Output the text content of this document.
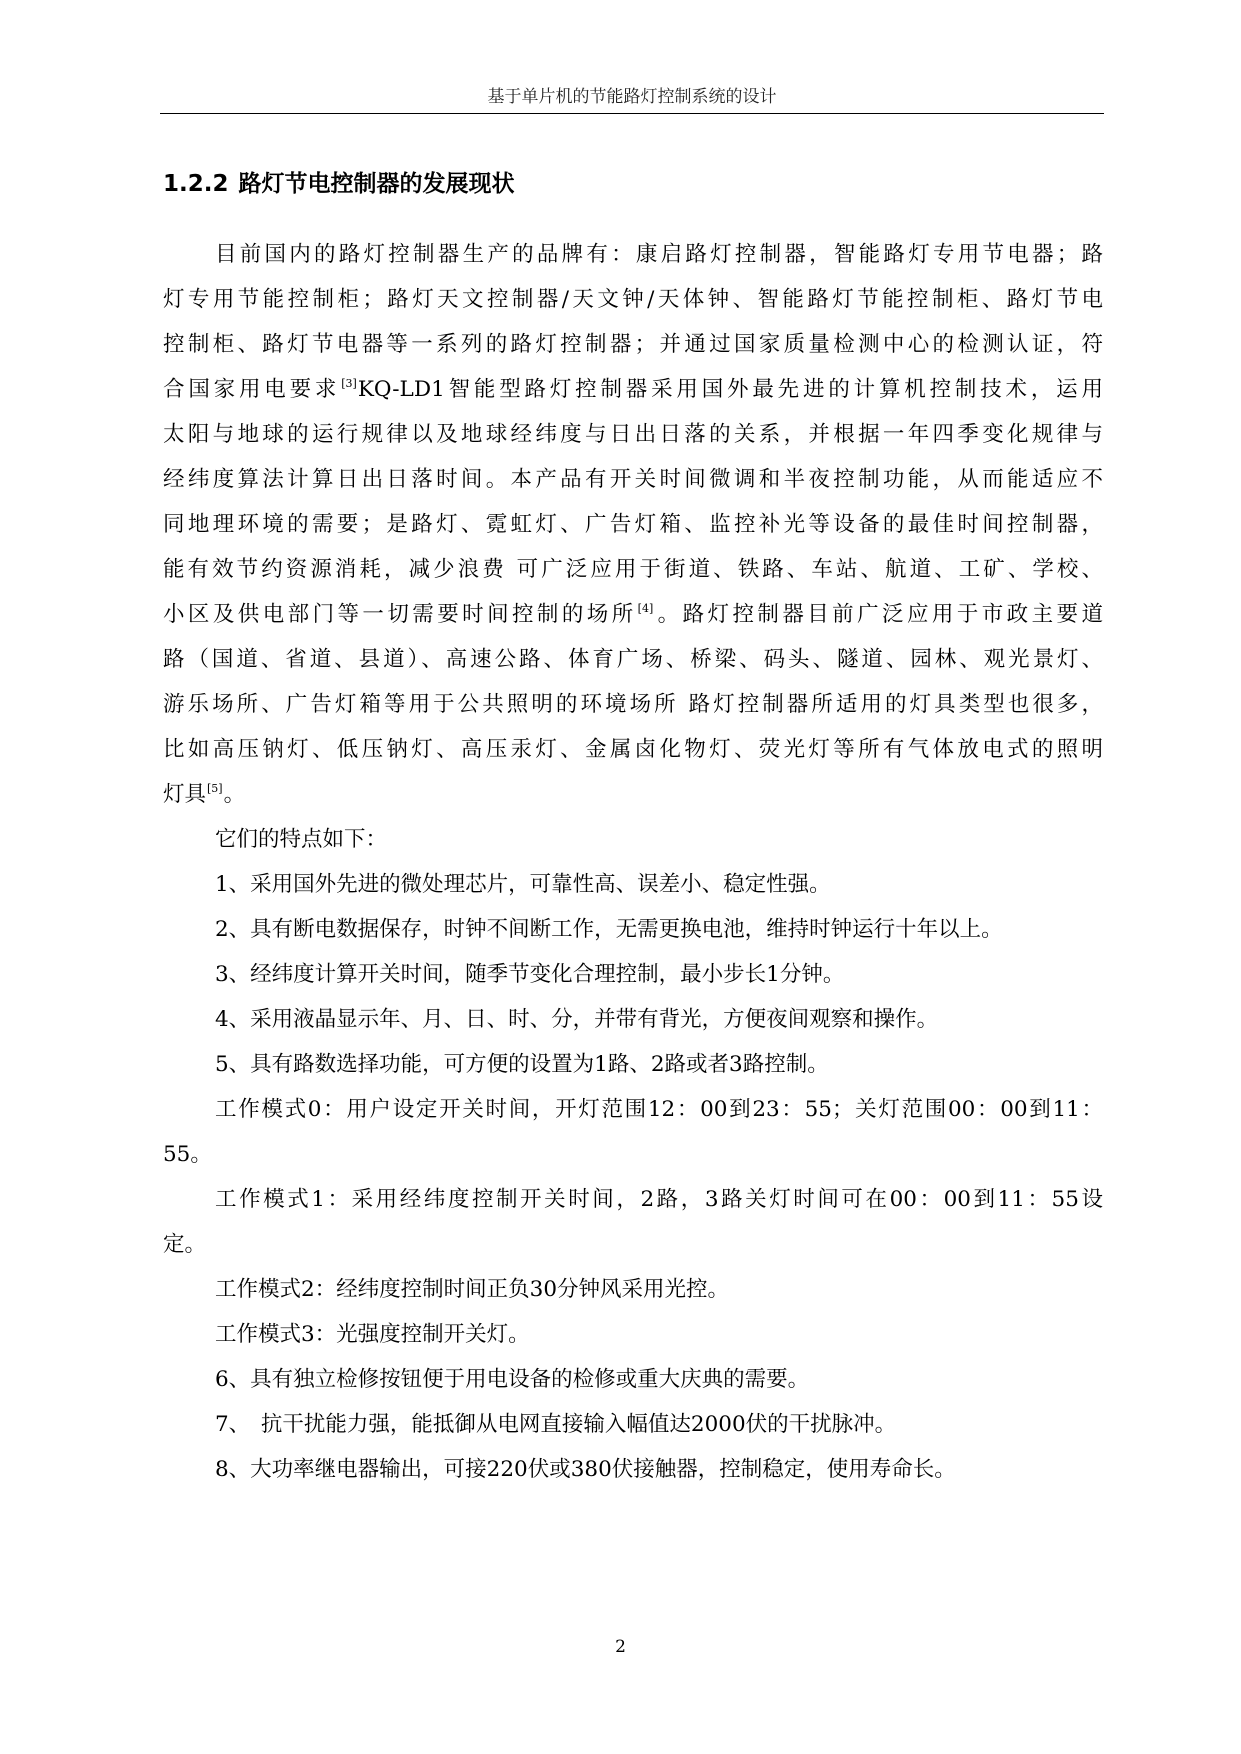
基于单片机的节能路灯控制系统的设计
1.2.2 路灯节电控制器的发展现状
目前国内的路灯控制器生产的品牌有：康启路灯控制器，智能路灯专用节电器；路
灯专用节能控制柜；路灯天文控制器/天文钟/天体钟、智能路灯节能控制柜、路灯节电
控制柜、路灯节电器等一系列的路灯控制器；并通过国家质量检测中心的检测认证，符
合国家用电要求[3]KQ-LD1智能型路灯控制器采用国外最先进的计算机控制技术，运用
太阳与地球的运行规律以及地球经纬度与日出日落的关系，并根据一年四季变化规律与
经纬度算法计算日出日落时间。本产品有开关时间微调和半夜控制功能，从而能适应不
同地理环境的需要；是路灯、霓虹灯、广告灯箱、监控补光等设备的最佳时间控制器，
能有效节约资源消耗，减少浪费 可广泛应用于街道、铁路、车站、航道、工矿、学校、
小区及供电部门等一切需要时间控制的场所[4]。路灯控制器目前广泛应用于市政主要道
路（国道、省道、县道）、高速公路、体育广场、桥梁、码头、隧道、园林、观光景灯、
游乐场所、广告灯箱等用于公共照明的环境场所 路灯控制器所适用的灯具类型也很多，
比如高压钠灯、低压钠灯、高压汞灯、金属卤化物灯、荧光灯等所有气体放电式的照明
灯具[5]。
它们的特点如下：
1、采用国外先进的微处理芯片，可靠性高、误差小、稳定性强。
2、具有断电数据保存，时钟不间断工作，无需更换电池，维持时钟运行十年以上。
3、经纬度计算开关时间，随季节变化合理控制，最小步长1分钟。
4、采用液晶显示年、月、日、时、分，并带有背光，方便夜间观察和操作。
5、具有路数选择功能，可方便的设置为1路、2路或者3路控制。
工作模式0：用户设定开关时间，开灯范围12：00到23：55；关灯范围00：00到11：
55。
工作模式1：采用经纬度控制开关时间，2路，3路关灯时间可在00：00到11：55设
定。
工作模式2：经纬度控制时间正负30分钟风采用光控。
工作模式3：光强度控制开关灯。
6、具有独立检修按钮便于用电设备的检修或重大庆典的需要。
7、　抗干扰能力强，能抵御从电网直接输入幅值达2000伏的干扰脉冲。
8、大功率继电器输出，可接220伏或380伏接触器，控制稳定，使用寿命长。
2
